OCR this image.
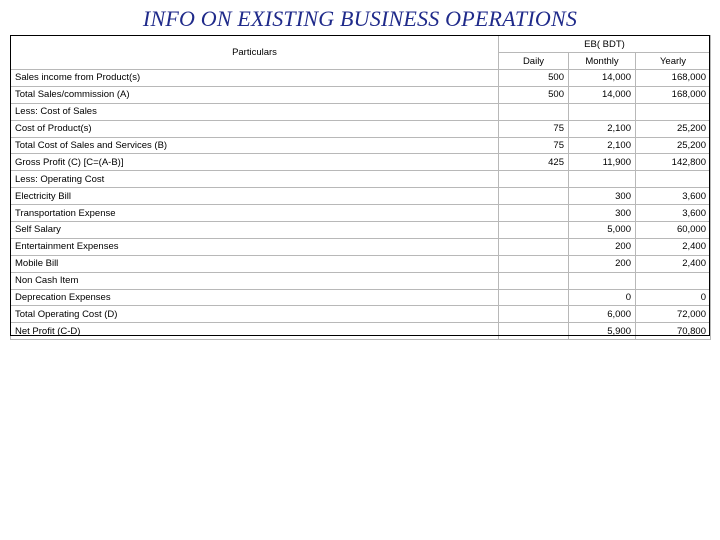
INFO ON EXISTING BUSINESS OPERATIONS
Particulars	EB( BDT)		
	Daily	Monthly	Yearly
Sales income from Product(s)	500	14,000	168,000
Total Sales/commission (A)	500	14,000	168,000
Less: Cost of Sales			
Cost of Product(s)	75	2,100	25,200
Total Cost of Sales and Services (B)	75	2,100	25,200
Gross Profit (C) [C=(A-B)]	425	11,900	142,800
Less: Operating Cost			
Electricity Bill		300	3,600
Transportation Expense		300	3,600
Self Salary		5,000	60,000
Entertainment Expenses		200	2,400
Mobile Bill		200	2,400
Non Cash Item			
Deprecation Expenses		0	0
Total Operating Cost (D)		6,000	72,000
Net Profit (C-D)		5,900	70,800
